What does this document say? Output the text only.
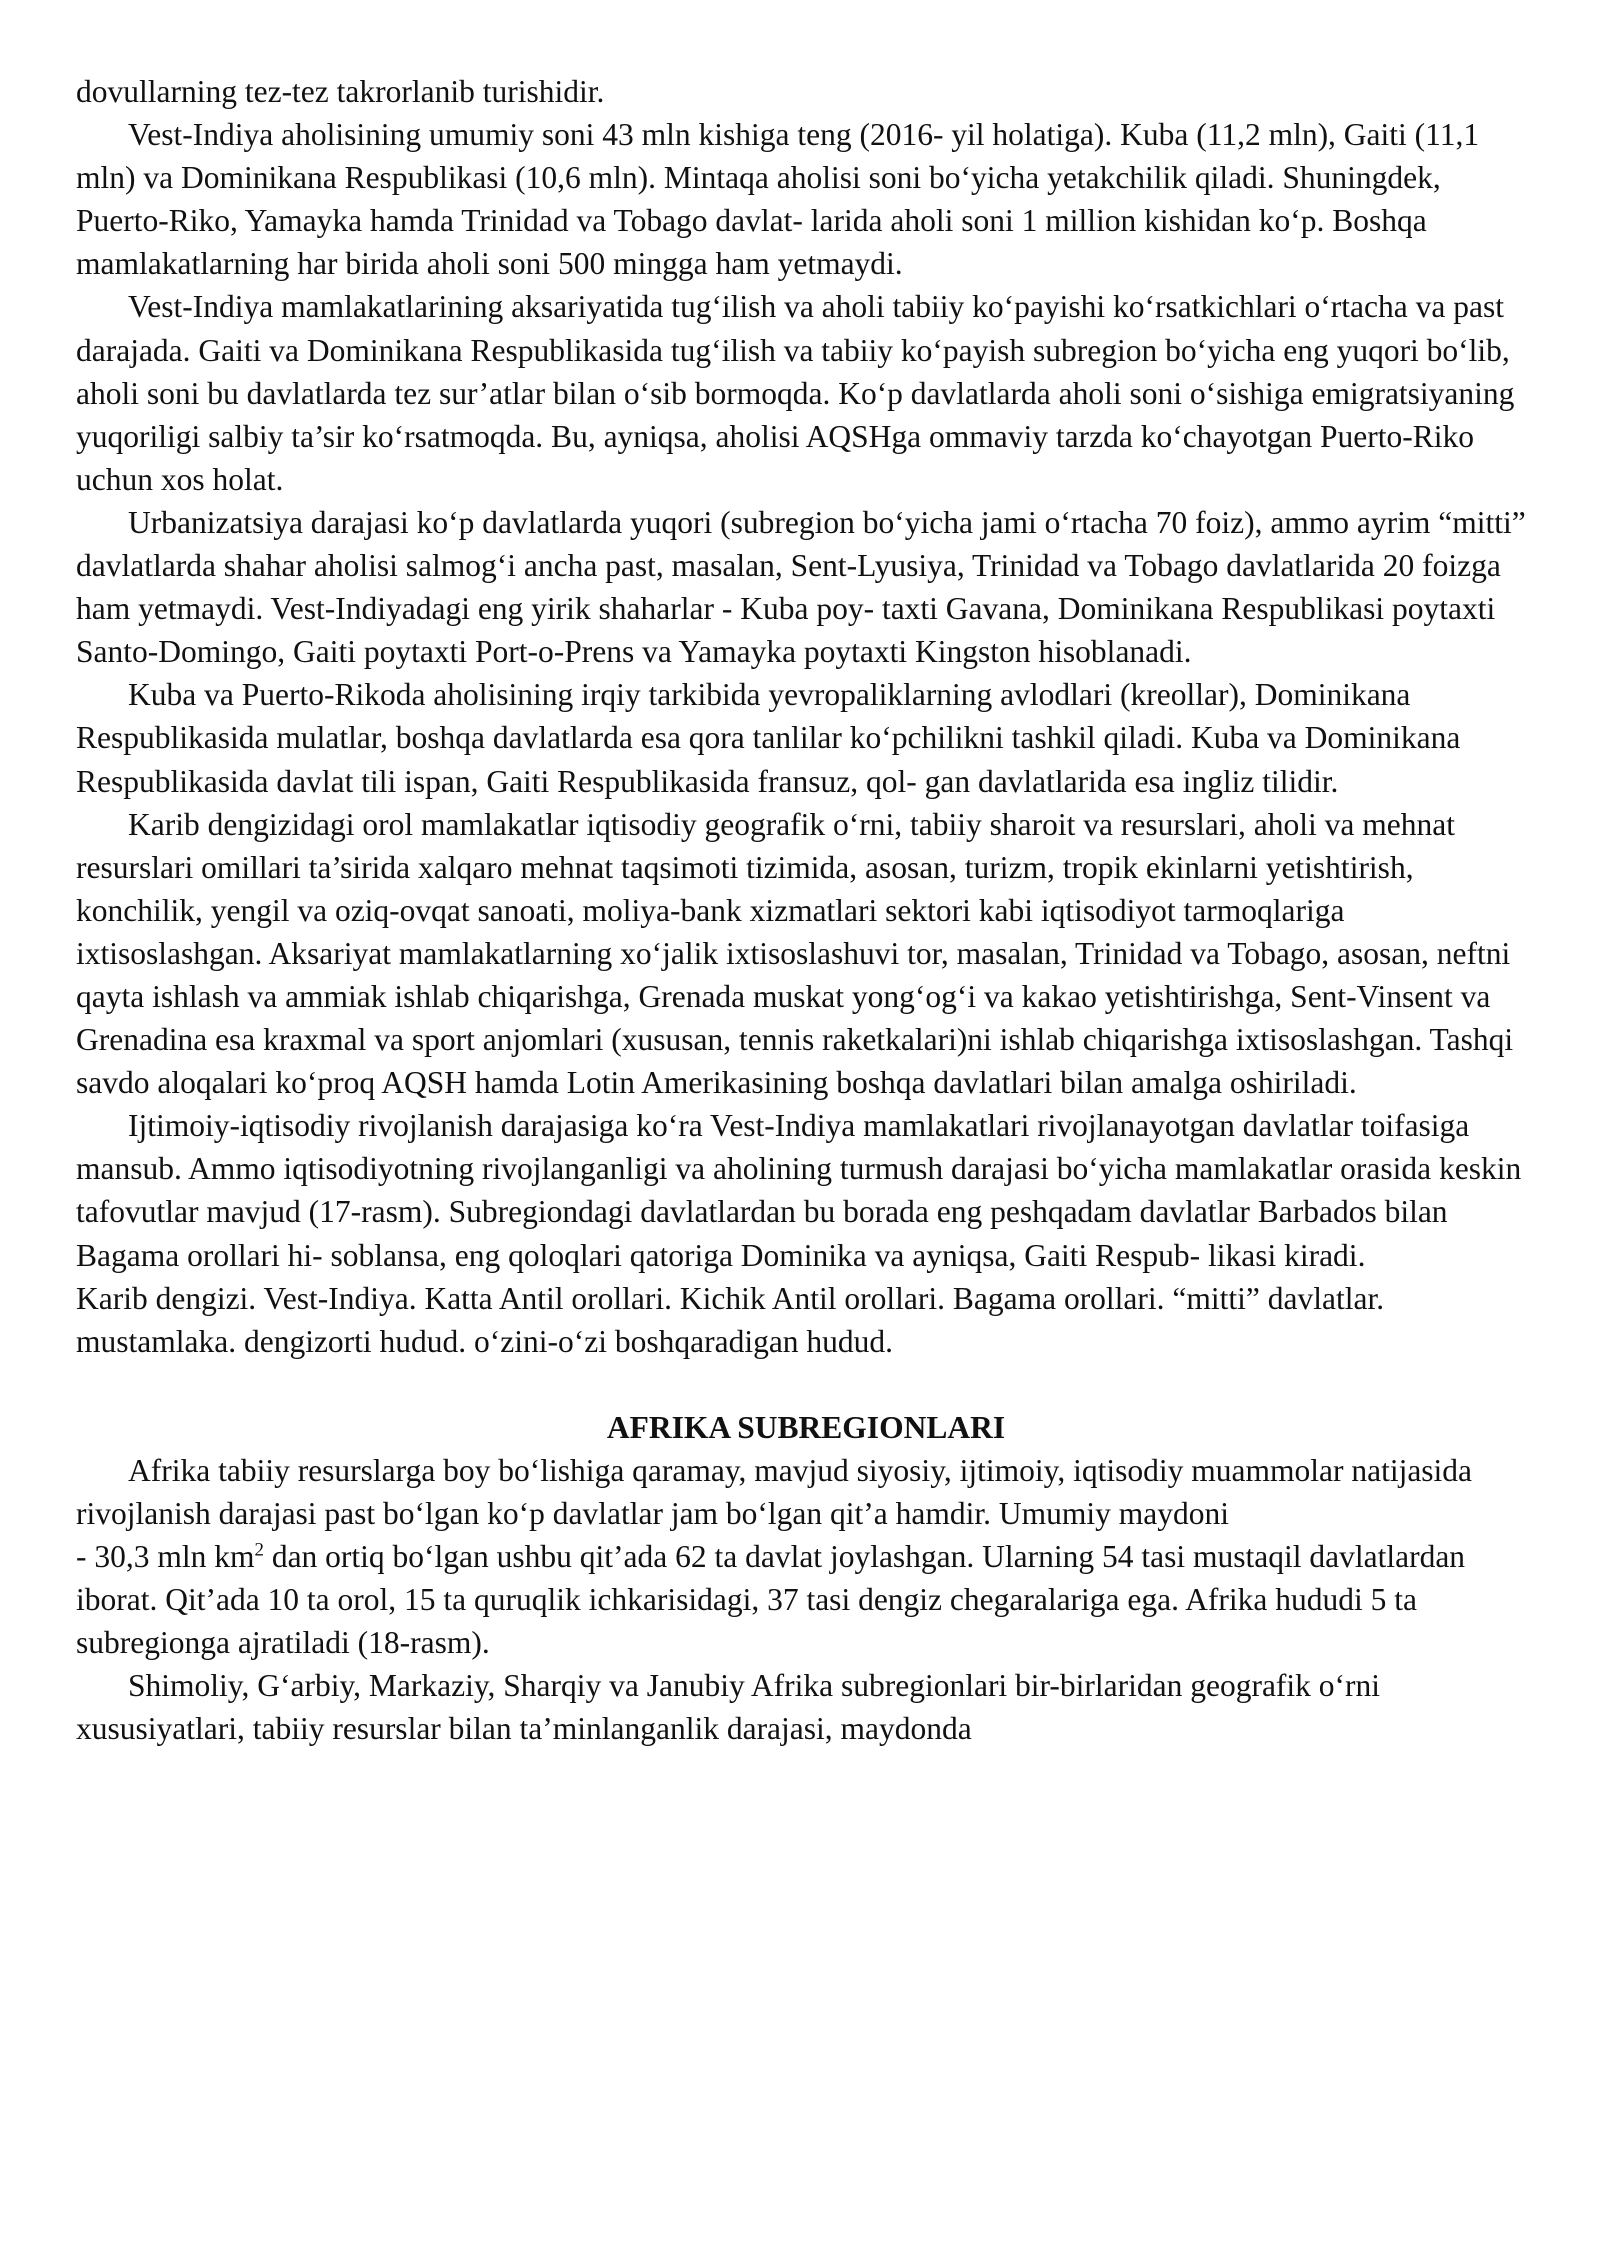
dovullarning tez-tez takrorlanib turishidir.

Vest-Indiya aholisining umumiy soni 43 mln kishiga teng (2016- yil holatiga). Kuba (11,2 mln), Gaiti (11,1 mln) va Dominikana Respublikasi (10,6 mln). Mintaqa aholisi soni bo‘yicha yetakchilik qiladi. Shuningdek, Puerto-Riko, Yamayka hamda Trinidad va Tobago davlat- larida aholi soni 1 million kishidan ko‘p. Boshqa mamlakatlarning har birida aholi soni 500 mingga ham yetmaydi.

Vest-Indiya mamlakatlarining aksariyatida tug‘ilish va aholi tabiiy ko‘payishi ko‘rsatkichlari o‘rtacha va past darajada. Gaiti va Dominikana Respublikasida tug‘ilish va tabiiy ko‘payish subregion bo‘yicha eng yuqori bo‘lib, aholi soni bu davlatlarda tez sur’atlar bilan o‘sib bormoqda. Ko‘p davlatlarda aholi soni o‘sishiga emigratsiyaning yuqoriligi salbiy ta’sir ko‘rsatmoqda. Bu, ayniqsa, aholisi AQSHga ommaviy tarzda ko‘chayotgan Puerto-Riko uchun xos holat.

Urbanizatsiya darajasi ko‘p davlatlarda yuqori (subregion bo‘yicha jami o‘rtacha 70 foiz), ammo ayrim “mitti” davlatlarda shahar aholisi salmog‘i ancha past, masalan, Sent-Lyusiya, Trinidad va Tobago davlatlarida 20 foizga ham yetmaydi. Vest-Indiyadagi eng yirik shaharlar - Kuba poy- taxti Gavana, Dominikana Respublikasi poytaxti Santo-Domingo, Gaiti poytaxti Port-o-Prens va Yamayka poytaxti Kingston hisoblanadi.

Kuba va Puerto-Rikoda aholisining irqiy tarkibida yevropaliklarning avlodlari (kreollar), Dominikana Respublikasida mulatlar, boshqa davlatlarda esa qora tanlilar ko‘pchilikni tashkil qiladi. Kuba va Dominikana Respublikasida davlat tili ispan, Gaiti Respublikasida fransuz, qol- gan davlatlarida esa ingliz tilidir.

Karib dengizidagi orol mamlakatlar iqtisodiy geografik o‘rni, tabiiy sharoit va resurslari, aholi va mehnat resurslari omillari ta’sirida xalqaro mehnat taqsimoti tizimida, asosan, turizm, tropik ekinlarni yetishtirish,

konchilik, yengil va oziq-ovqat sanoati, moliya-bank xizmatlari sektori kabi iqtisodiyot tarmoqlariga ixtisoslashgan. Aksariyat mamlakatlarning xo‘jalik ixtisoslashuvi tor, masalan, Trinidad va Tobago, asosan, neftni qayta ishlash va ammiak ishlab chiqarishga, Grenada muskat yong‘og‘i va kakao yetishtirishga, Sent-Vinsent va Grenadina esa kraxmal va sport anjomlari (xususan, tennis raketkalari)ni ishlab chiqarishga ixtisoslashgan. Tashqi savdo aloqalari ko‘proq AQSH hamda Lotin Amerikasining boshqa davlatlari bilan amalga oshiriladi.

Ijtimoiy-iqtisodiy rivojlanish darajasiga ko‘ra Vest-Indiya mamlakatlari rivojlanayotgan davlatlar toifasiga mansub. Ammo iqtisodiyotning rivojlanganligi va aholining turmush darajasi bo‘yicha mamlakatlar orasida keskin tafovutlar mavjud (17-rasm). Subregiondagi davlatlardan bu borada eng peshqadam davlatlar Barbados bilan Bagama orollari hi- soblansa, eng qoloqlari qatoriga Dominika va ayniqsa, Gaiti Respub- likasi kiradi.

Karib dengizi. Vest-Indiya. Katta Antil orollari. Kichik Antil orollari. Bagama orollari. “mitti” davlatlar. mustamlaka. dengizorti hudud. o‘zini-o‘zi boshqaradigan hudud.

AFRIKA SUBREGIONLARI

Afrika tabiiy resurslarga boy bo‘lishiga qaramay, mavjud siyosiy, ijtimoiy, iqtisodiy muammolar natijasida rivojlanish darajasi past bo‘lgan ko‘p davlatlar jam bo‘lgan qit’a hamdir. Umumiy maydoni

- 30,3 mln $km^2$ dan ortiq bo‘lgan ushbu qit’ada 62 ta davlat joylashgan. Ularning 54 tasi mustaqil davlatlardan iborat. Qit’ada 10 ta orol, 15 ta quruqlik ichkarisidagi, 37 tasi dengiz chegaralariga ega. Afrika hududi 5 ta subregionga ajratiladi (18-rasm).

Shimoliy, G‘arbiy, Markaziy, Sharqiy va Janubiy Afrika subregionlari bir-birlaridan geografik o‘rni xususiyatlari, tabiiy resurslar bilan ta’minlanganlik darajasi, maydonda
